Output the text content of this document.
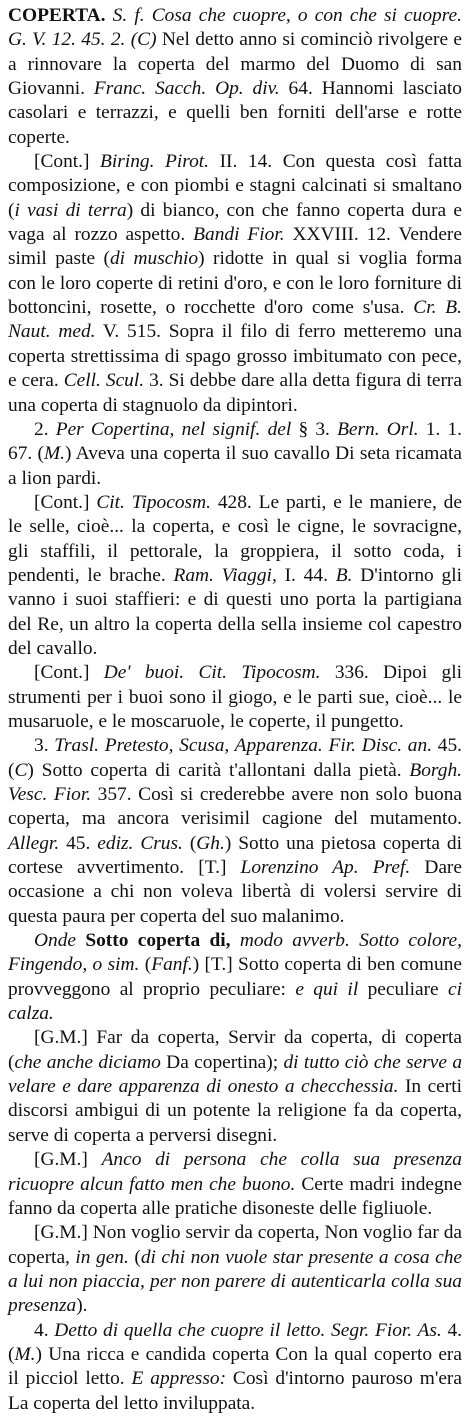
COPERTA. S. f. Cosa che cuopre, o con che si cuopre. G. V. 12. 45. 2. (C) Nel detto anno si cominciò rivolgere e a rinnovare la coperta del marmo del Duomo di san Giovanni. Franc. Sacch. Op. div. 64. Hannomi lasciato casolari e terrazzi, e quelli ben forniti dell'arse e rotte coperte.

[Cont.] Biring. Pirot. II. 14. Con questa così fatta composizione, e con piombi e stagni calcinati si smaltano (i vasi di terra) di bianco, con che fanno coperta dura e vaga al rozzo aspetto. Bandi Fior. XXVIII. 12. Vendere simil paste (di muschio) ridotte in qual si voglia forma con le loro coperte di retini d'oro, e con le loro forniture di bottoncini, rosette, o rocchette d'oro come s'usa. Cr. B. Naut. med. V. 515. Sopra il filo di ferro metteremo una coperta strettissima di spago grosso imbitumato con pece, e cera. Cell. Scul. 3. Si debbe dare alla detta figura di terra una coperta di stagnuolo da dipintori.

2. Per Copertina, nel signif. del § 3. Bern. Orl. 1. 1. 67. (M.) Aveva una coperta il suo cavallo Di seta ricamata a lion pardi.

[Cont.] Cit. Tipocosm. 428. Le parti, e le maniere, de le selle, cioè... la coperta, e così le cigne, le sovracigne, gli staffili, il pettorale, la groppiera, il sotto coda, i pendenti, le brache. Ram. Viaggi, I. 44. B. D'intorno gli vanno i suoi staffieri: e di questi uno porta la partigiana del Re, un altro la coperta della sella insieme col capestro del cavallo.

[Cont.] De' buoi. Cit. Tipocosm. 336. Dipoi gli strumenti per i buoi sono il giogo, e le parti sue, cioè... le musaruole, e le moscaruole, le coperte, il pungetto.

3. Trasl. Pretesto, Scusa, Apparenza. Fir. Disc. an. 45. (C) Sotto coperta di carità t'allontani dalla pietà. Borgh. Vesc. Fior. 357. Così si crederebbe avere non solo buona coperta, ma ancora verisimil cagione del mutamento. Allegr. 45. ediz. Crus. (Gh.) Sotto una pietosa coperta di cortese avvertimento. [T.] Lorenzino Ap. Pref. Dare occasione a chi non voleva libertà di volersi servire di questa paura per coperta del suo malanimo.

Onde Sotto coperta di, modo avverb. Sotto colore, Fingendo, o sim. (Fanf.) [T.] Sotto coperta di ben comune provveggono al proprio peculiare: e qui il peculiare ci calza.

[G.M.] Far da coperta, Servir da coperta, di coperta (che anche diciamo Da copertina); di tutto ciò che serve a velare e dare apparenza di onesto a checchessia. In certi discorsi ambigui di un potente la religione fa da coperta, serve di coperta a perversi disegni.

[G.M.] Anco di persona che colla sua presenza ricuopre alcun fatto men che buono. Certe madri indegne fanno da coperta alle pratiche disoneste delle figliuole.

[G.M.] Non voglio servir da coperta, Non voglio far da coperta, in gen. (di chi non vuole star presente a cosa che a lui non piaccia, per non parere di autenticarla colla sua presenza).

4. Detto di quella che cuopre il letto. Segr. Fior. As. 4. (M.) Una ricca e candida coperta Con la qual coperto era il picciol letto. E appresso: Così d'intorno pauroso m'era La coperta del letto inviluppata.
